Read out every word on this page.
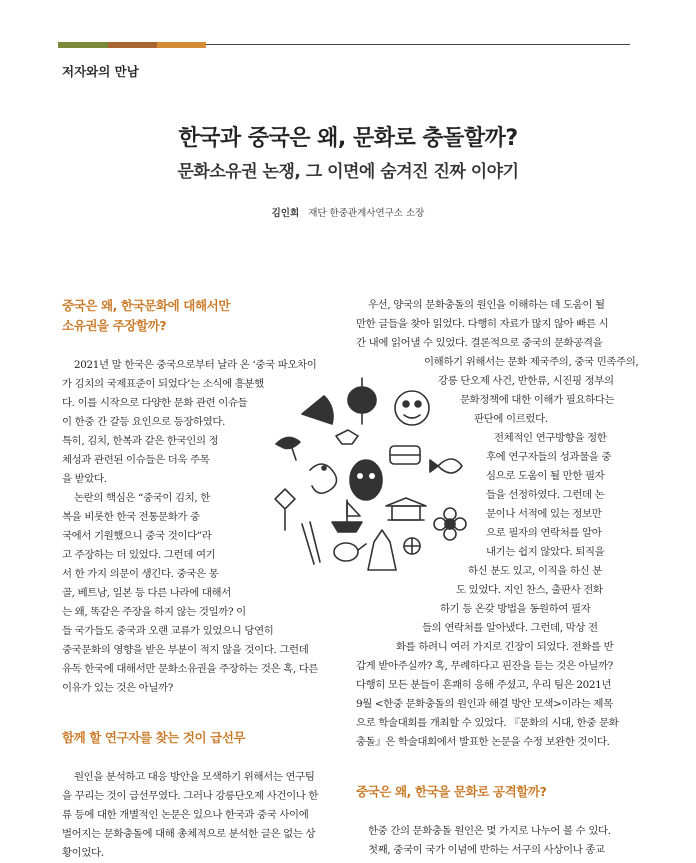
저자와의 만남
한국과 중국은 왜, 문화로 충돌할까?
문화소유권 논쟁, 그 이면에 숨겨진 진짜 이야기
김인희 재단 한중관계사연구소 소장
중국은 왜, 한국문화에 대해서만
소유권을 주장할까?
2021년 말 한국은 중국으로부터 날라 온 ‘중국 파오차이
가 김치의 국제표준이 되었다’는 소식에 흥분했
다. 이를 시작으로 다양한 문화 관련 이슈들
이 한중 간 갈등 요인으로 등장하였다.
특히, 김치, 한복과 같은 한국인의 정
체성과 관련된 이슈들은 더욱 주목
을 받았다.
논란의 핵심은 “중국이 김치, 한
복을 비롯한 한국 전통문화가 중
국에서 기원했으니 중국 것이다”라
고 주장하는 더 있었다. 그런데 여기
서 한 가지 의문이 생긴다. 중국은 몽
골, 베트남, 일본 등 다른 나라에 대해서
는 왜, 똑같은 주장을 하지 않는 것일까? 이
들 국가들도 중국과 오랜 교류가 있었으니 당연히
중국문화의 영향을 받은 부분이 적지 않을 것이다. 그런데
유독 한국에 대해서만 문화소유권을 주장하는 것은 혹, 다른
이유가 있는 것은 아닐까?
함께 할 연구자를 찾는 것이 급선무
원인을 분석하고 대응 방안을 모색하기 위해서는 연구팀
을 꾸리는 것이 급선무였다. 그러나 강릉단오제 사건이나 한
류 등에 대한 개별적인 논문은 있으나 한국과 중국 사이에
벌어지는 문화충돌에 대해 총체적으로 분석한 글은 없는 상
황이었다.
우선, 양국의 문화충돌의 원인을 이해하는 데 도움이 될
만한 글들을 찾아 읽었다. 다행히 자료가 많지 않아 빠른 시
간 내에 읽어낼 수 있었다. 결론적으로 중국의 문화공격을
이해하기 위해서는 문화 제국주의, 중국 민족주의,
강릉 단오제 사건, 반한류, 시진핑 정부의
문화정책에 대한 이해가 필요하다는
판단에 이르렀다.
전체적인 연구방향을 정한
후에 연구자들의 성과물을 중
심으로 도움이 될 만한 필자
들을 선정하였다. 그런데 논
문이나 서적에 있는 정보만
으로 필자의 연락처를 알아
내기는 쉽지 않았다. 퇴직을
하신 분도 있고, 이직을 하신 분
도 있었다. 지인 찬스, 출판사 전화
하기 등 온갖 방법을 동원하여 필자
들의 연락처를 알아냈다. 그런데, 막상 전
화를 하려니 여러 가지로 긴장이 되었다. 전화를 반
갑게 받아주실까? 혹, 무례하다고 핀잔을 듣는 것은 아닐까?
다행히 모든 분들이 흔쾌히 응해 주셨고, 우리 팀은 2021년
9월 <한중 문화충돌의 원인과 해결 방안 모색>이라는 제목
으로 학술대회를 개최할 수 있었다. 『문화의 시대, 한중 문화
충돌』은 학술대회에서 발표한 논문을 수정 보완한 것이다.
중국은 왜, 한국을 문화로 공격할까?
한중 간의 문화충돌 원인은 몇 가지로 나누어 볼 수 있다.
첫째, 중국이 국가 이념에 반하는 서구의 사상이나 종교
